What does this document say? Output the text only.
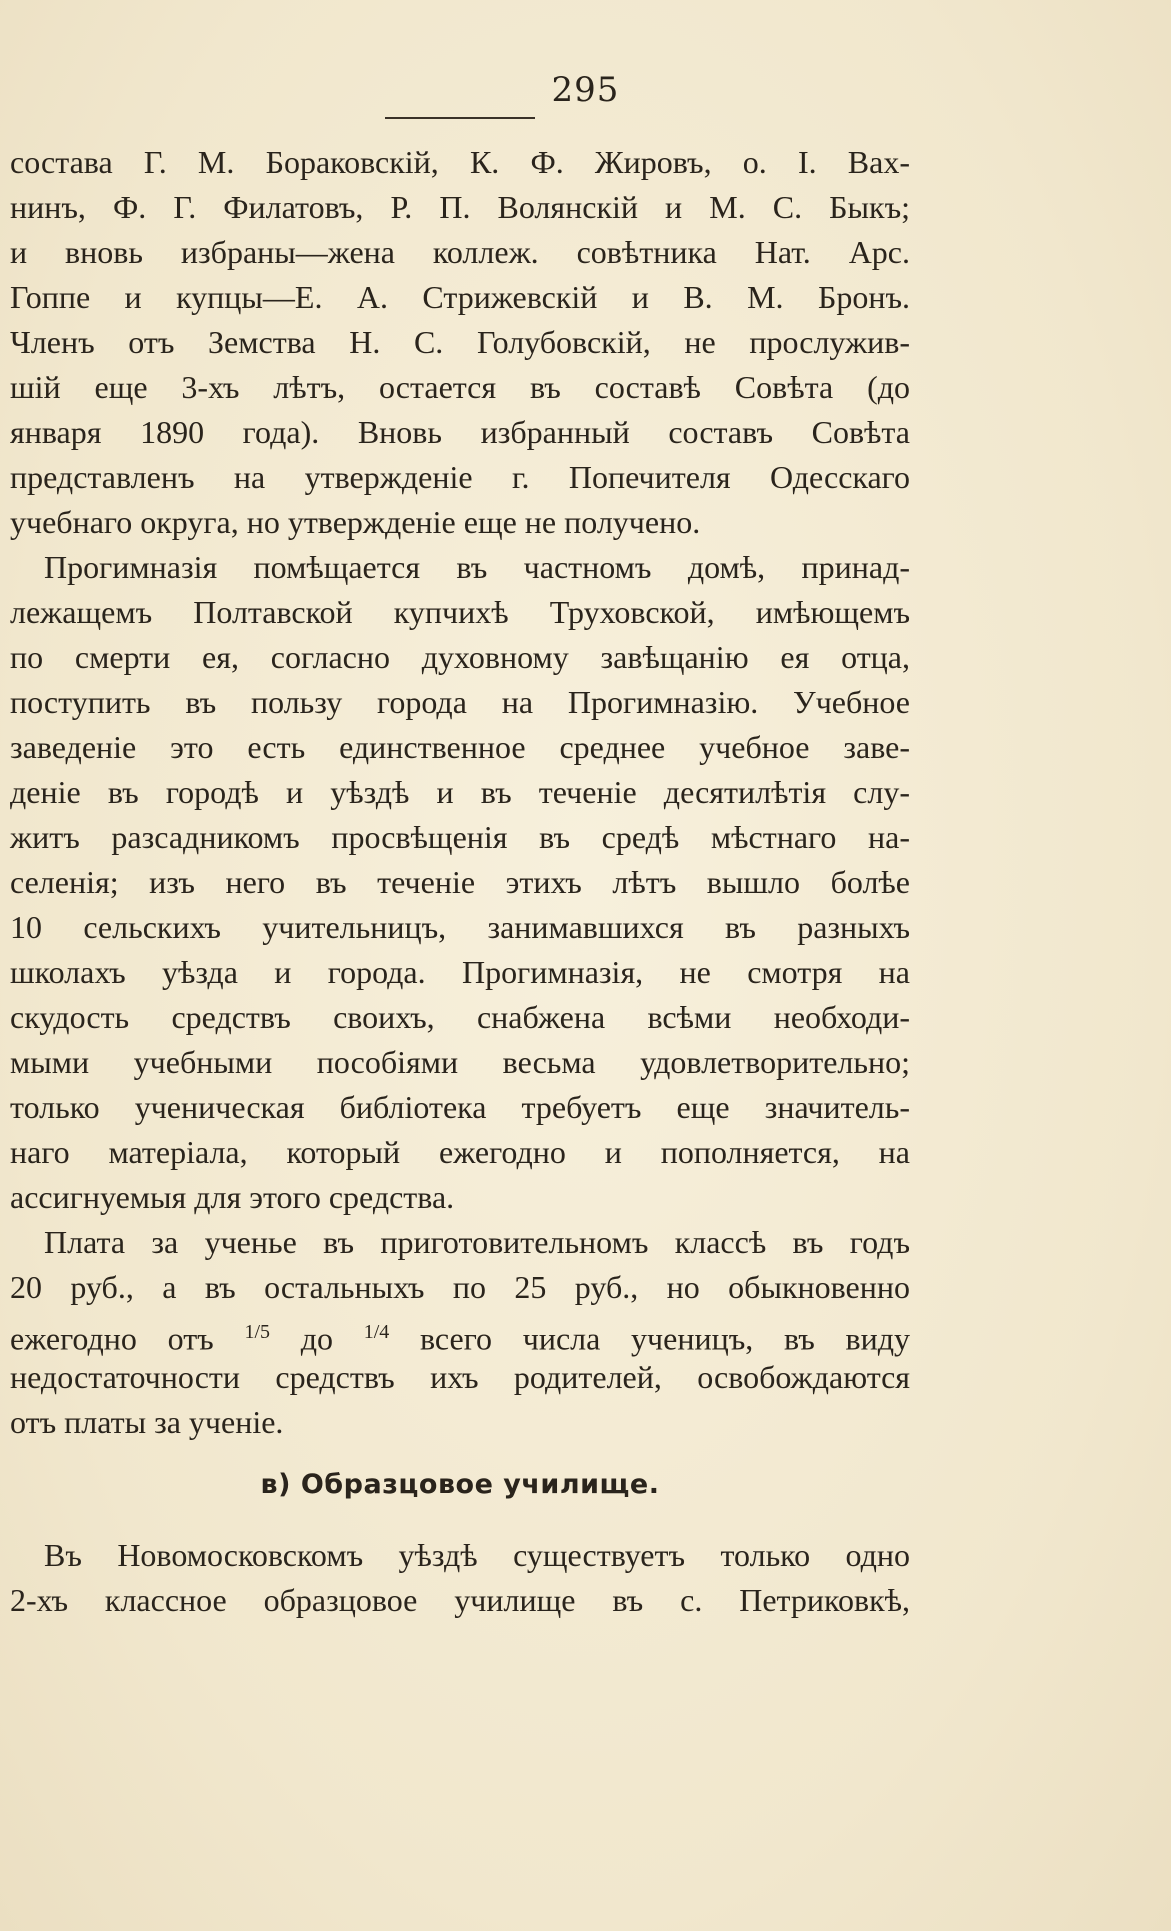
295
состава Г. М. Бораковскій, К. Ф. Жировъ, о. I. Вах-
нинъ, Ф. Г. Филатовъ, Р. П. Волянскій и М. С. Быкъ;
и вновь избраны—жена коллеж. совѣтника Нат. Арс.
Гоппе и купцы—Е. А. Стрижевскій и В. М. Бронъ.
Членъ отъ Земства Н. С. Голубовскій, не прослужив-
шій еще 3-хъ лѣтъ, остается въ составѣ Совѣта (до
января 1890 года). Вновь избранный составъ Совѣта
представленъ на утвержденіе г. Попечителя Одесскаго
учебнаго округа, но утвержденіе еще не получено.
Прогимназія помѣщается въ частномъ домѣ, принад-
лежащемъ Полтавской купчихѣ Труховской, имѣющемъ
по смерти ея, согласно духовному завѣщанію ея отца,
поступить въ пользу города на Прогимназію. Учебное
заведеніе это есть единственное среднее учебное заве-
деніе въ городѣ и уѣздѣ и въ теченіе десятилѣтія слу-
житъ разсадникомъ просвѣщенія въ средѣ мѣстнаго на-
селенія; изъ него въ теченіе этихъ лѣтъ вышло болѣе
10 сельскихъ учительницъ, занимавшихся въ разныхъ
школахъ уѣзда и города. Прогимназія, не смотря на
скудость средствъ своихъ, снабжена всѣми необходи-
мыми учебными пособіями весьма удовлетворительно;
только ученическая библіотека требуетъ еще значитель-
наго матеріала, который ежегодно и пополняется, на
ассигнуемыя для этого средства.
Плата за ученье въ приготовительномъ классѣ въ годъ
20 руб., а въ остальныхъ по 25 руб., но обыкновенно
ежегодно отъ $^{1/5}$ до $^{1/4}$ всего числа ученицъ, въ виду
недостаточности средствъ ихъ родителей, освобождаются
отъ платы за ученіе.
в) Образцовое училище.
Въ Новомосковскомъ уѣздѣ существуетъ только одно
2-хъ классное образцовое училище въ с. Петриковкѣ,
